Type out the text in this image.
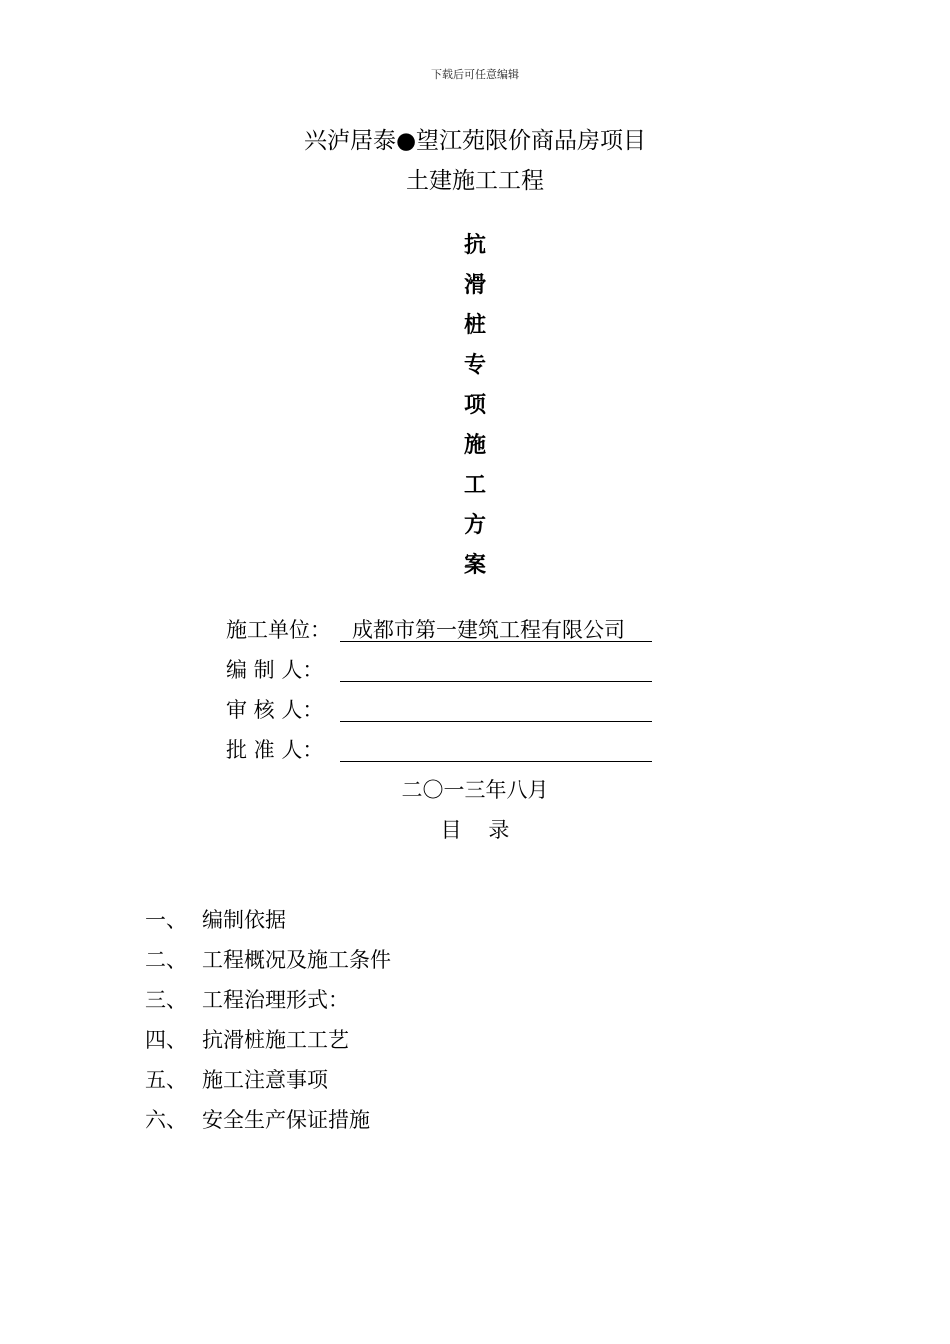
下载后可任意编辑
兴泸居泰●望江苑限价商品房项目
土建施工工程
抗
滑
桩
专
项
施
工
方
案
施工单位： 成都市第一建筑工程有限公司
编 制 人：
审 核 人：
批 准 人：
二〇一三年八月
目    录
一、 编制依据
二、 工程概况及施工条件
三、 工程治理形式：
四、 抗滑桩施工工艺
五、 施工注意事项
六、 安全生产保证措施
